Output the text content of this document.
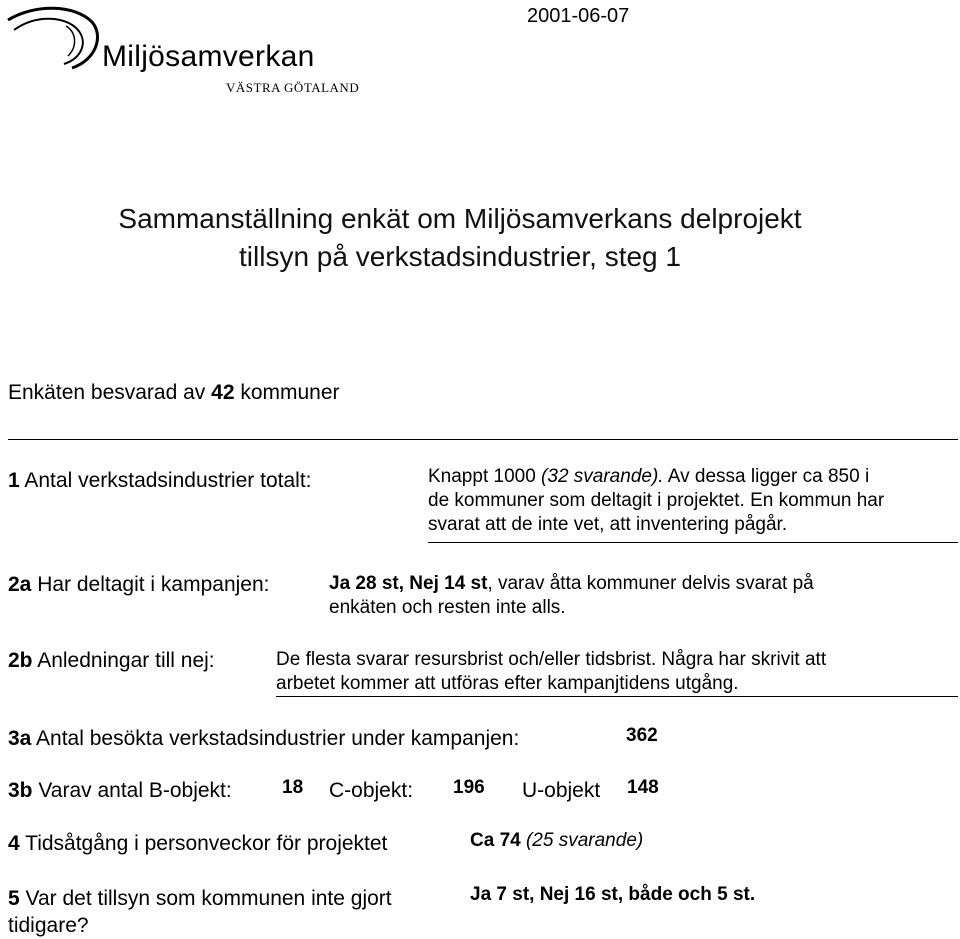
Miljösamverkan
VÄSTRA GÖTALAND
2001-06-07
Sammanställning enkät om Miljösamverkans delprojekt
tillsyn på verkstadsindustrier, steg 1
Enkäten besvarad av 42 kommuner
1 Antal verkstadsindustrier totalt:	Knappt 1000 (32 svarande). Av dessa ligger ca 850 i
de kommuner som deltagit i projektet. En kommun har
svarat att de inte vet, att inventering pågår.
2a Har deltagit i kampanjen:	Ja 28 st, Nej 14 st, varav åtta kommuner delvis svarat på
enkäten och resten inte alls.
2b Anledningar till nej:	De flesta svarar resursbrist och/eller tidsbrist. Några har skrivit att
arbetet kommer att utföras efter kampanjtidens utgång.
3a Antal besökta verkstadsindustrier under kampanjen:	362
3b Varav antal B-objekt:	18 C-objekt: 196 U-objekt 148
4 Tidsåtgång i personveckor för projektet	Ca 74 (25 svarande)
5 Var det tillsyn som kommunen inte gjort
tidigare?
Ja 7 st, Nej 16 st, både och 5 st.
